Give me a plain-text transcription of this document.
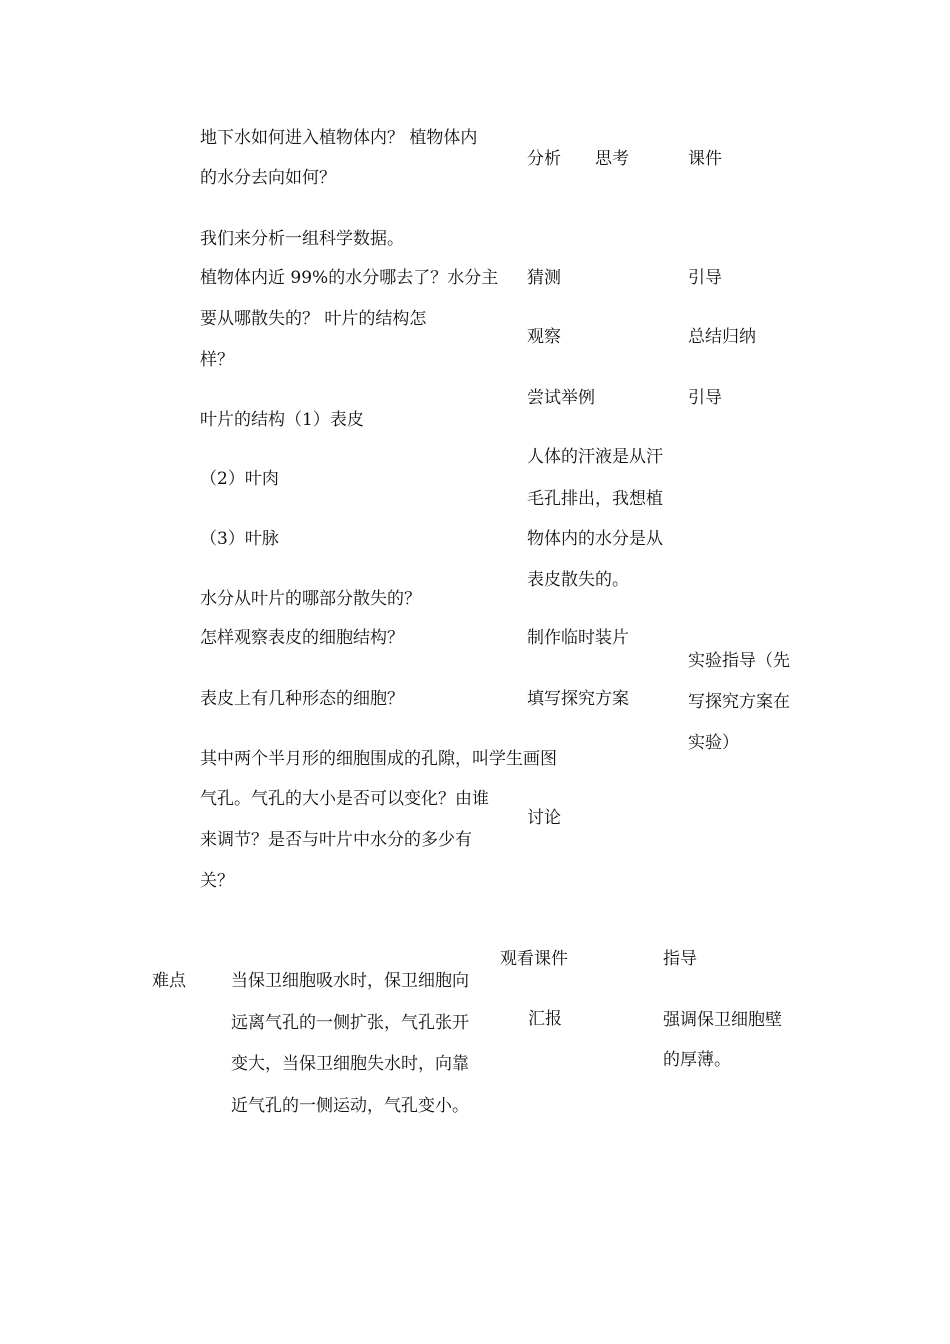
地下水如何进入植物体内？ 植物体内
的水分去向如何？
我们来分析一组科学数据。
植物体内近 99%的水分哪去了？水分主
要从哪散失的？ 叶片的结构怎
样？
叶片的结构（1）表皮
（2）叶肉
（3）叶脉
水分从叶片的哪部分散失的？
怎样观察表皮的细胞结构？
表皮上有几种形态的细胞？
其中两个半月形的细胞围成的孔隙，叫学生画图
气孔。气孔的大小是否可以变化？由谁
来调节？是否与叶片中水分的多少有
关？
分析 思考
猜测
观察
尝试举例
人体的汗液是从汗
毛孔排出，我想植
物体内的水分是从
表皮散失的。
制作临时装片
填写探究方案
讨论
课件
引导
总结归纳
引导
实验指导（先
写探究方案在
实验）
难点	当保卫细胞吸水时，保卫细胞向
远离气孔的一侧扩张，气孔张开
变大，当保卫细胞失水时，向靠
近气孔的一侧运动，气孔变小。
观看课件
汇报
指导
强调保卫细胞壁
的厚薄。
